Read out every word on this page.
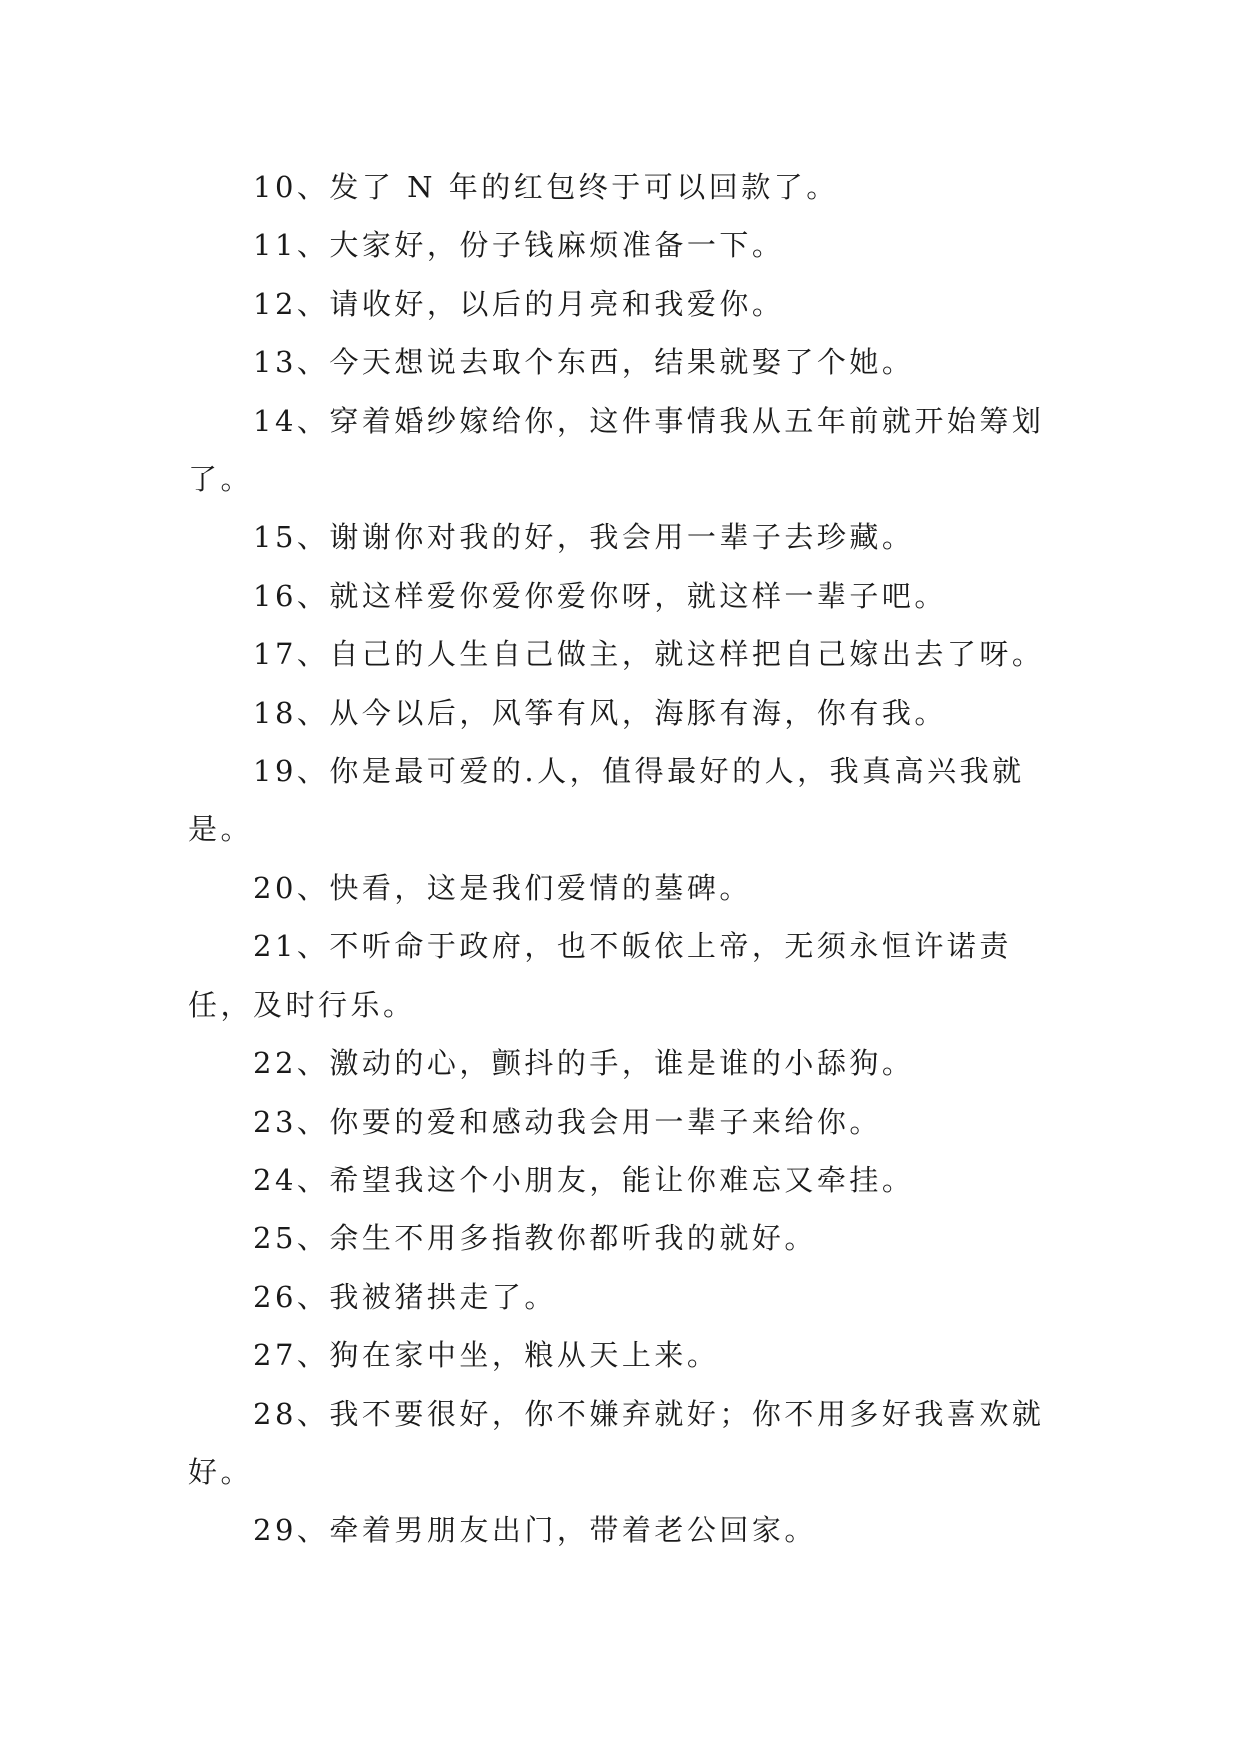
10、发了 N 年的红包终于可以回款了。

11、大家好，份子钱麻烦准备一下。

12、请收好，以后的月亮和我爱你。

13、今天想说去取个东西，结果就娶了个她。

14、穿着婚纱嫁给你，这件事情我从五年前就开始筹划了。

15、谢谢你对我的好，我会用一辈子去珍藏。

16、就这样爱你爱你爱你呀，就这样一辈子吧。

17、自己的人生自己做主，就这样把自己嫁出去了呀。

18、从今以后，风筝有风，海豚有海，你有我。

19、你是最可爱的.人，值得最好的人，我真高兴我就是。

20、快看，这是我们爱情的墓碑。

21、不听命于政府，也不皈依上帝，无须永恒许诺责任，及时行乐。

22、激动的心，颤抖的手，谁是谁的小舔狗。

23、你要的爱和感动我会用一辈子来给你。

24、希望我这个小朋友，能让你难忘又牵挂。

25、余生不用多指教你都听我的就好。

26、我被猪拱走了。

27、狗在家中坐，粮从天上来。

28、我不要很好，你不嫌弃就好；你不用多好我喜欢就好。

29、牵着男朋友出门，带着老公回家。
